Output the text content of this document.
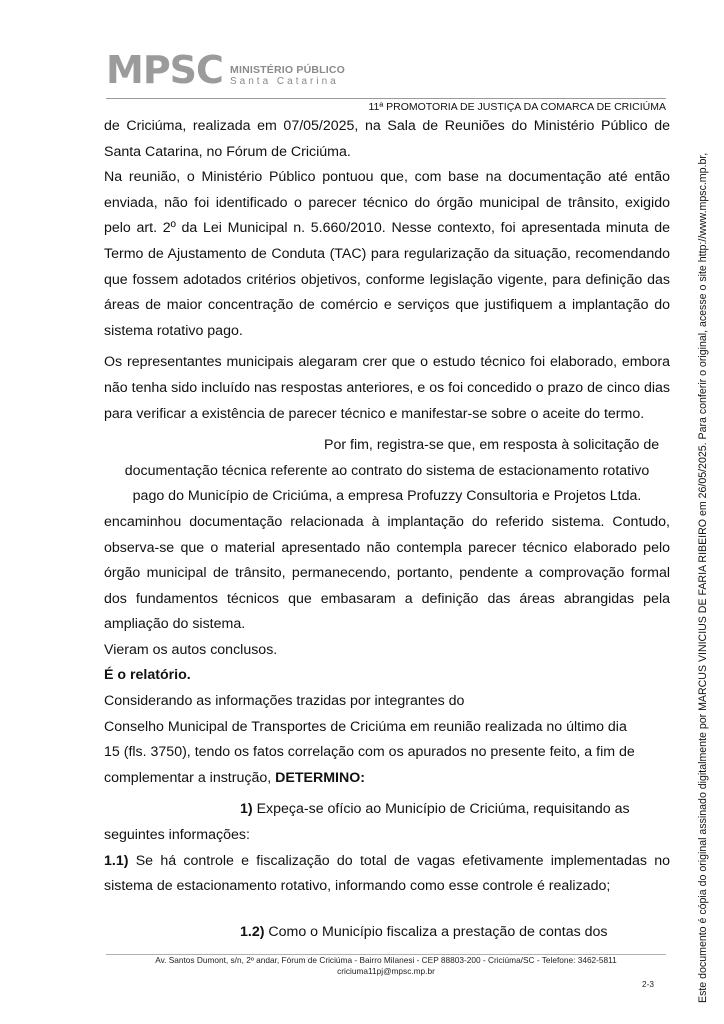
MPSC MINISTÉRIO PÚBLICO
Santa Catarina
11ª PROMOTORIA DE JUSTIÇA DA COMARCA DE CRICIÚMA

de Criciúma, realizada em 07/05/2025, na Sala de Reuniões do Ministério Público de Santa Catarina, no Fórum de Criciúma.

Na reunião, o Ministério Público pontuou que, com base na documentação até então enviada, não foi identificado o parecer técnico do órgão municipal de trânsito, exigido pelo art. 2º da Lei Municipal n. 5.660/2010. Nesse contexto, foi apresentada minuta de Termo de Ajustamento de Conduta (TAC) para regularização da situação, recomendando que fossem adotados critérios objetivos, conforme legislação vigente, para definição das áreas de maior concentração de comércio e serviços que justifiquem a implantação do sistema rotativo pago.

Os representantes municipais alegaram crer que o estudo técnico foi elaborado, embora não tenha sido incluído nas respostas anteriores, e os foi concedido o prazo de cinco dias para verificar a existência de parecer técnico e manifestar-se sobre o aceite do termo.

Por fim, registra-se que, em resposta à solicitação de

documentação técnica referente ao contrato do sistema de estacionamento rotativo

pago do Município de Criciúma, a empresa Profuzzy Consultoria e Projetos Ltda.

encaminhou documentação relacionada à implantação do referido sistema. Contudo, observa-se que o material apresentado não contempla parecer técnico elaborado pelo órgão municipal de trânsito, permanecendo, portanto, pendente a comprovação formal dos fundamentos técnicos que embasaram a definição das áreas abrangidas pela ampliação do sistema.

Vieram os autos conclusos.

É o relatório.

Considerando as informações trazidas por integrantes do

Conselho Municipal de Transportes de Criciúma em reunião realizada no último dia

15 (fls. 3750), tendo os fatos correlação com os apurados no presente feito, a fim de

complementar a instrução, DETERMINO:

1) Expeça-se ofício ao Município de Criciúma, requisitando as

seguintes informações:

1.1) Se há controle e fiscalização do total de vagas efetivamente implementadas no sistema de estacionamento rotativo, informando como esse controle é realizado;

1.2) Como o Município fiscaliza a prestação de contas dos

Av. Santos Dumont, s/n, 2º andar, Fórum de Criciúma - Bairro Milanesi - CEP 88803-200 - Criciúma/SC - Telefone: 3462-5811
criciuma11pj@mpsc.mp.br
2-3	Este documento é cópia do original assinado digitalmente por MARCUS VINICIUS DE FARIA RIBEIRO em 26/05/2025. Para conferir o original, acesse o site http://www.mpsc.mp.br,
